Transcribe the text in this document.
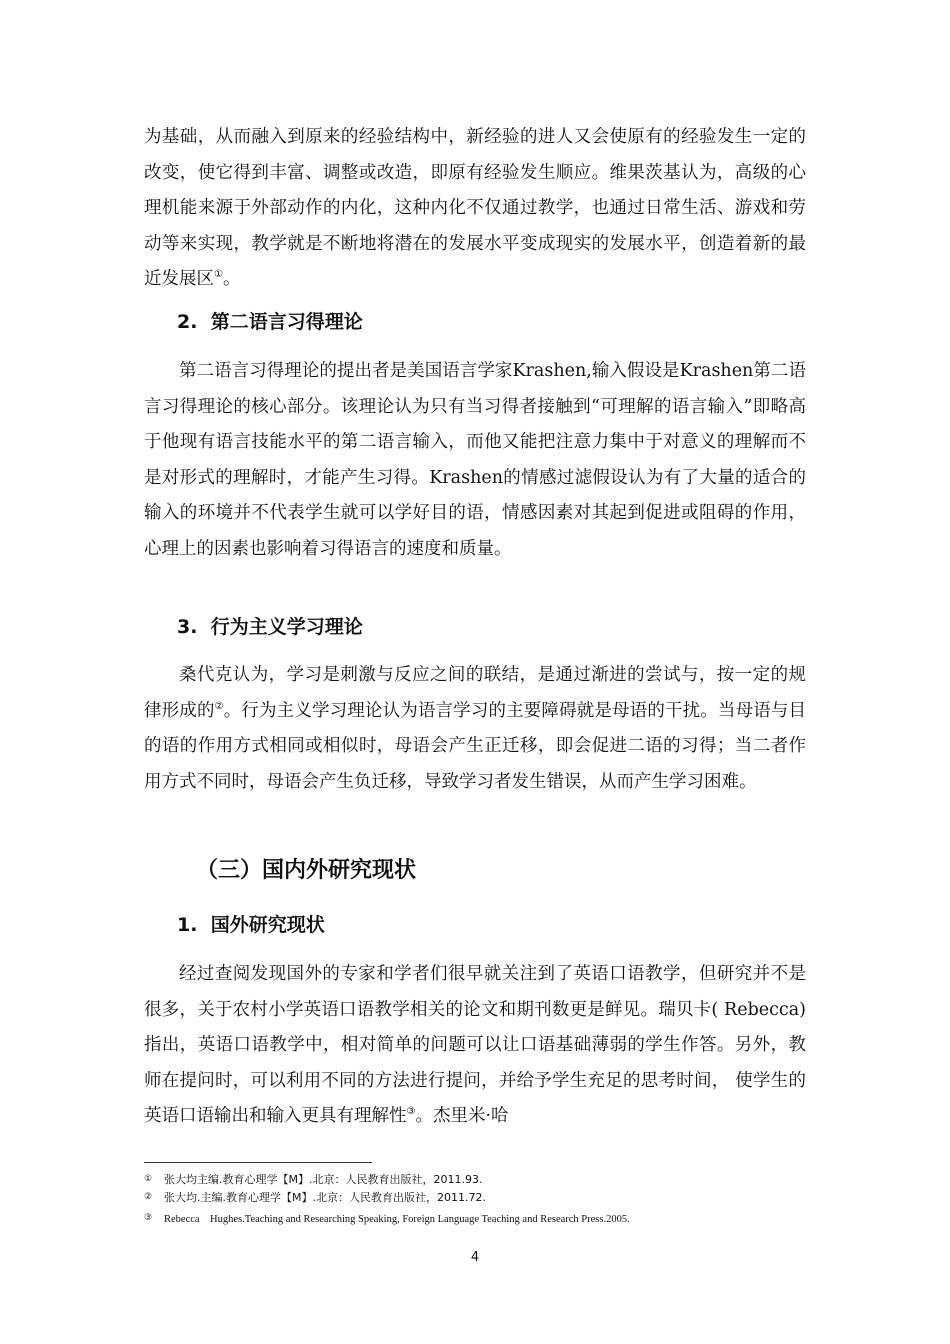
为基础，从而融入到原来的经验结构中，新经验的进人又会使原有的经验发生一定的改变，使它得到丰富、调整或改造，即原有经验发生顺应。维果茨基认为，高级的心理机能来源于外部动作的内化，这种内化不仅通过教学，也通过日常生活、游戏和劳动等来实现，教学就是不断地将潜在的发展水平变成现实的发展水平，创造着新的最近发展区①。

2. 第二语言习得理论

第二语言习得理论的提出者是美国语言学家Krashen,输入假设是Krashen第二语言习得理论的核心部分。该理论认为只有当习得者接触到“可理解的语言输入”即略高于他现有语言技能水平的第二语言输入，而他又能把注意力集中于对意义的理解而不是对形式的理解时，才能产生习得。Krashen的情感过滤假设认为有了大量的适合的输入的环境并不代表学生就可以学好目的语，情感因素对其起到促进或阻碍的作用，心理上的因素也影响着习得语言的速度和质量。

3. 行为主义学习理论

桑代克认为，学习是刺激与反应之间的联结，是通过渐进的尝试与，按一定的规律形成的②。行为主义学习理论认为语言学习的主要障碍就是母语的干扰。当母语与目的语的作用方式相同或相似时，母语会产生正迁移，即会促进二语的习得；当二者作用方式不同时，母语会产生负迁移，导致学习者发生错误，从而产生学习困难。

（三）国内外研究现状
1. 国外研究现状

经过查阅发现国外的专家和学者们很早就关注到了英语口语教学，但研究并不是很多，关于农村小学英语口语教学相关的论文和期刊数更是鲜见。瑞贝卡( Rebecca) 指出，英语口语教学中，相对简单的问题可以让口语基础薄弱的学生作答。另外，教师在提问时，可以利用不同的方法进行提问，并给予学生充足的思考时间， 使学生的英语口语输出和输入更具有理解性③。杰里米·哈

① 张大均主编.教育心理学【M】.北京：人民教育出版社，2011.93.
② 张大均.主编.教育心理学【M】.北京：人民教育出版社，2011.72.
③ Rebecca    Hughes.Teaching and Researching Speaking, Foreign Language Teaching and Research Press.2005.
4
